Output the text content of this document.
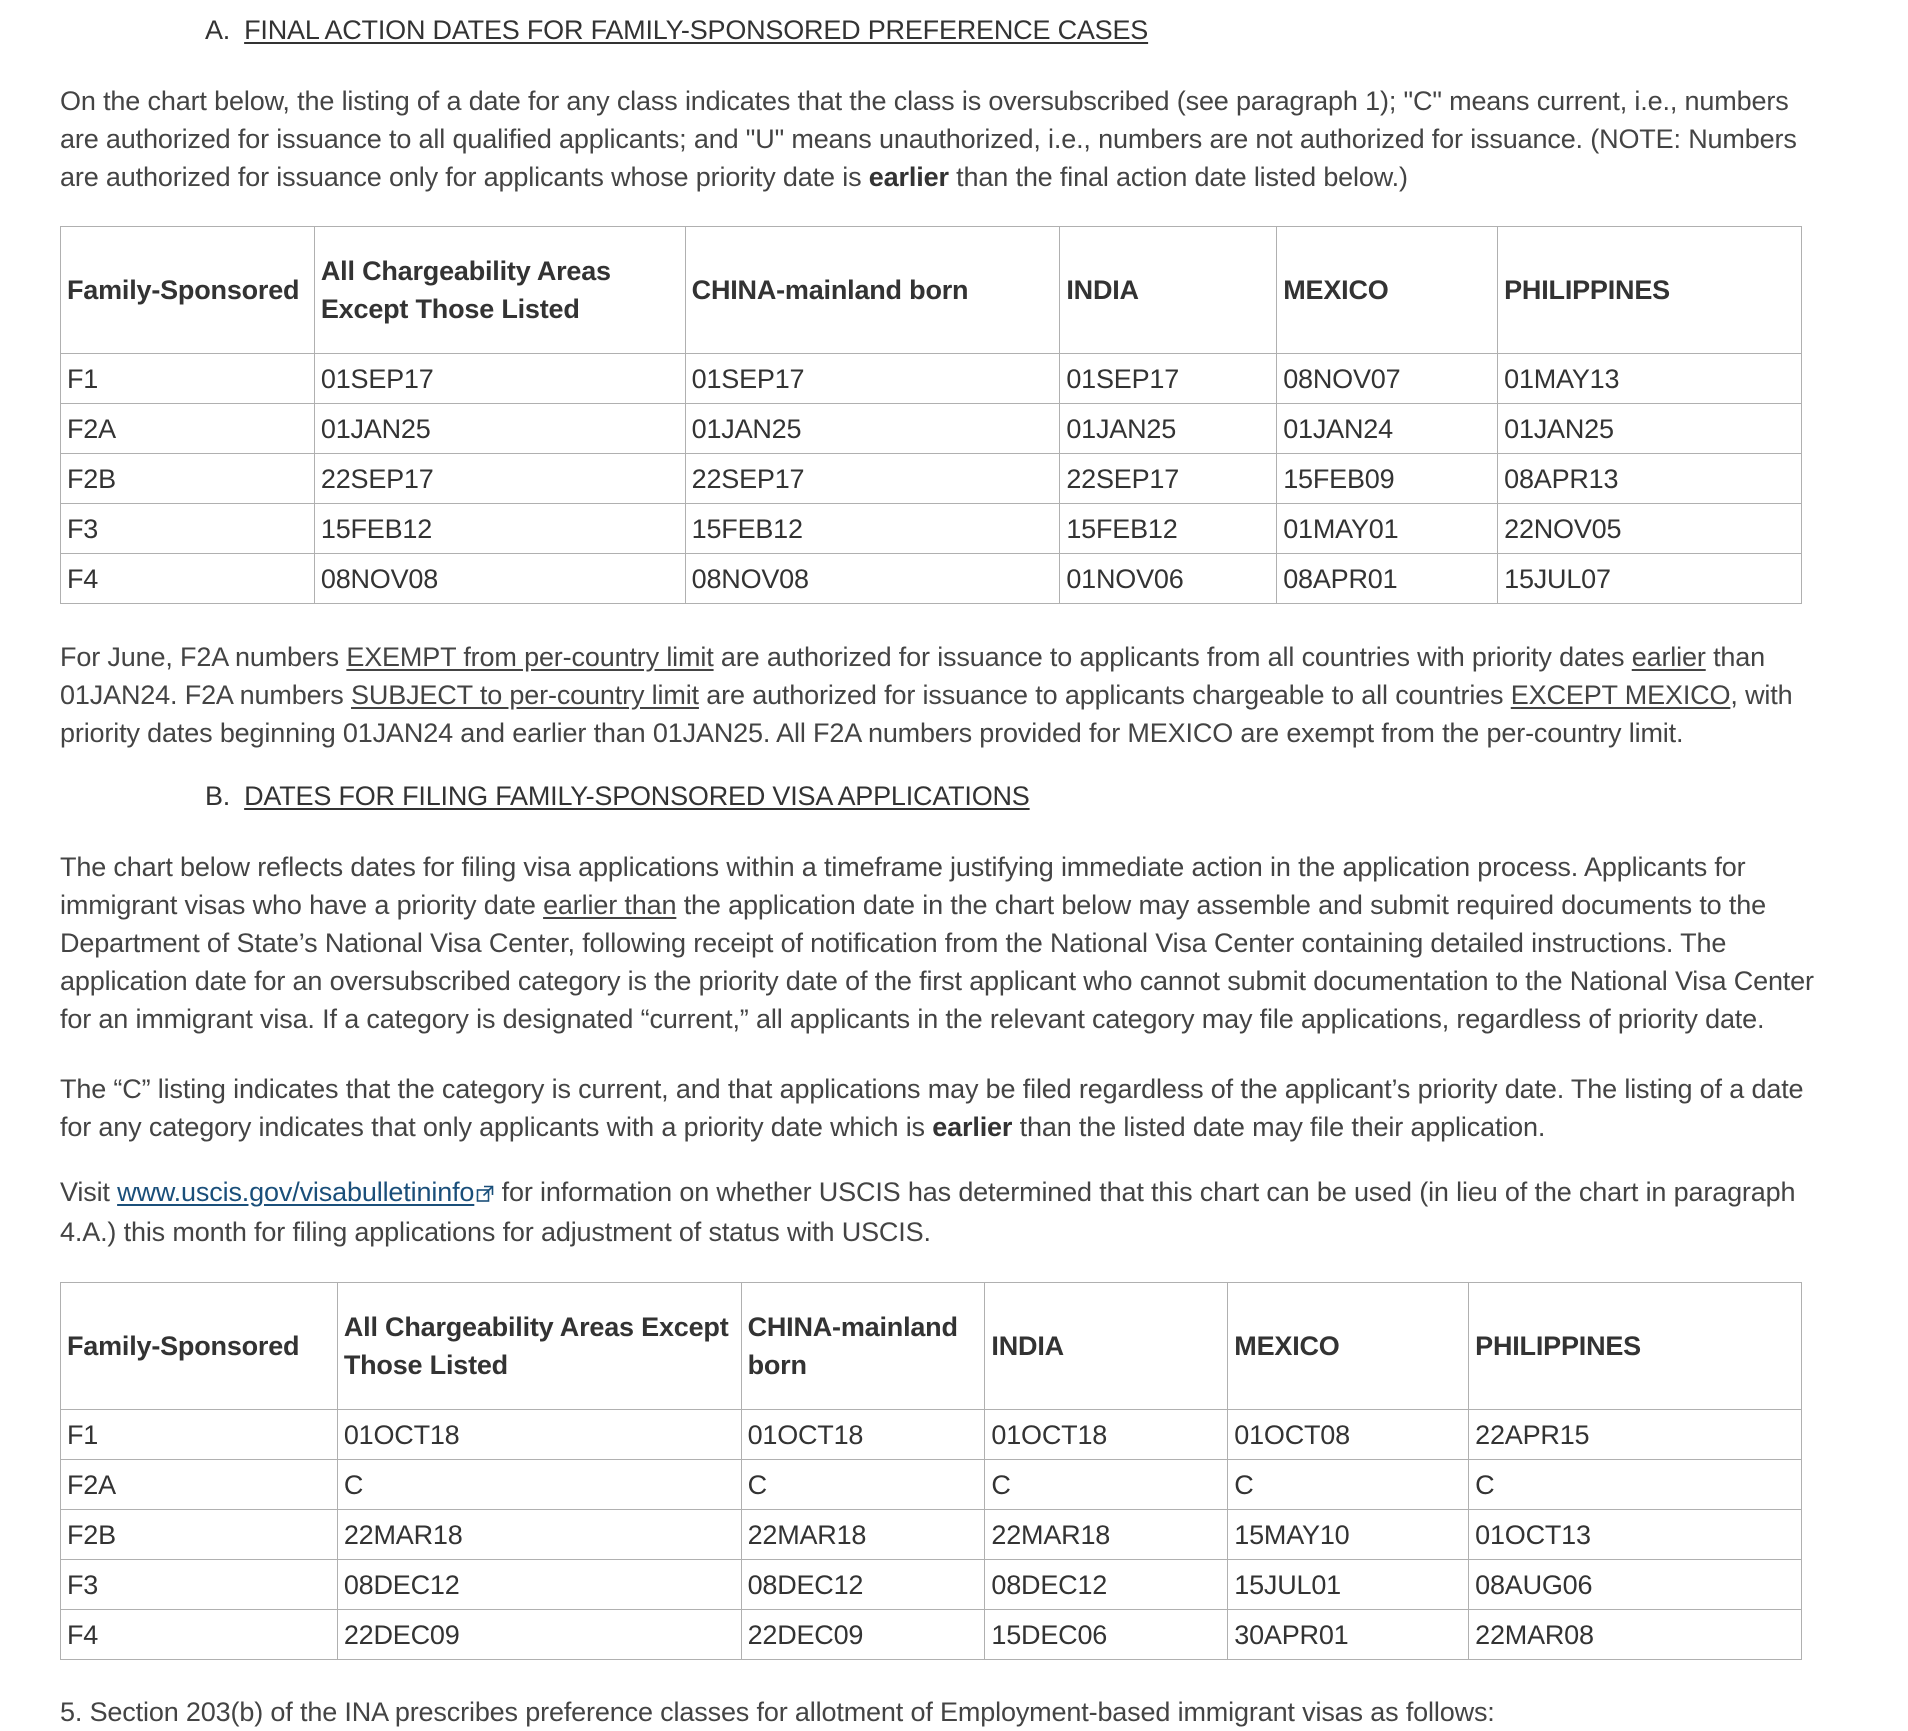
A. FINAL ACTION DATES FOR FAMILY-SPONSORED PREFERENCE CASES

On the chart below, the listing of a date for any class indicates that the class is oversubscribed (see paragraph 1); "C" means current, i.e., numbers are authorized for issuance to all qualified applicants; and "U" means unauthorized, i.e., numbers are not authorized for issuance. (NOTE: Numbers are authorized for issuance only for applicants whose priority date is earlier than the final action date listed below.)

Family-Sponsored	All Chargeability Areas Except Those Listed	CHINA-mainland born	INDIA	MEXICO	PHILIPPINES
F1	01SEP17	01SEP17	01SEP17	08NOV07	01MAY13
F2A	01JAN25	01JAN25	01JAN25	01JAN24	01JAN25
F2B	22SEP17	22SEP17	22SEP17	15FEB09	08APR13
F3	15FEB12	15FEB12	15FEB12	01MAY01	22NOV05
F4	08NOV08	08NOV08	01NOV06	08APR01	15JUL07

For June, F2A numbers EXEMPT from per-country limit are authorized for issuance to applicants from all countries with priority dates earlier than 01JAN24. F2A numbers SUBJECT to per-country limit are authorized for issuance to applicants chargeable to all countries EXCEPT MEXICO, with priority dates beginning 01JAN24 and earlier than 01JAN25. All F2A numbers provided for MEXICO are exempt from the per-country limit.

B. DATES FOR FILING FAMILY-SPONSORED VISA APPLICATIONS

The chart below reflects dates for filing visa applications within a timeframe justifying immediate action in the application process. Applicants for immigrant visas who have a priority date earlier than the application date in the chart below may assemble and submit required documents to the Department of State’s National Visa Center, following receipt of notification from the National Visa Center containing detailed instructions. The application date for an oversubscribed category is the priority date of the first applicant who cannot submit documentation to the National Visa Center for an immigrant visa. If a category is designated “current,” all applicants in the relevant category may file applications, regardless of priority date.

The “C” listing indicates that the category is current, and that applications may be filed regardless of the applicant’s priority date. The listing of a date for any category indicates that only applicants with a priority date which is earlier than the listed date may file their application.

Visit www.uscis.gov/visabulletininfo for information on whether USCIS has determined that this chart can be used (in lieu of the chart in paragraph 4.A.) this month for filing applications for adjustment of status with USCIS.

Family-Sponsored	All Chargeability Areas Except Those Listed	CHINA-mainland born	INDIA	MEXICO	PHILIPPINES
F1	01OCT18	01OCT18	01OCT18	01OCT08	22APR15
F2A	C	C	C	C	C
F2B	22MAR18	22MAR18	22MAR18	15MAY10	01OCT13
F3	08DEC12	08DEC12	08DEC12	15JUL01	08AUG06
F4	22DEC09	22DEC09	15DEC06	30APR01	22MAR08

5. Section 203(b) of the INA prescribes preference classes for allotment of Employment-based immigrant visas as follows:
